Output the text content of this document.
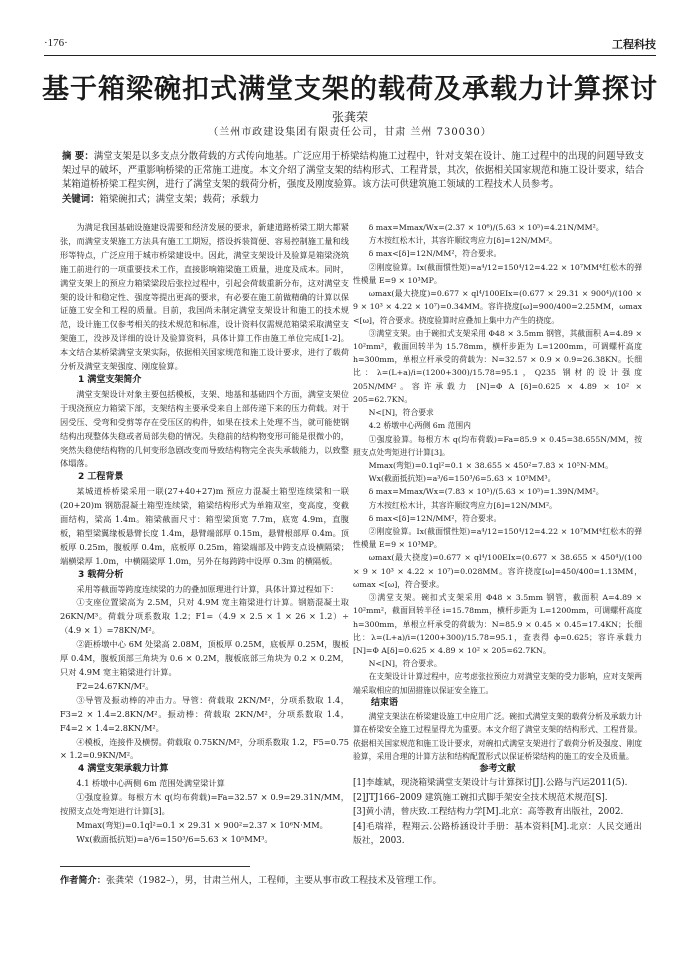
·176·	工程科技
基于箱梁碗扣式满堂支架的载荷及承载力计算探讨
张龚荣
（兰州市政建设集团有限责任公司，甘肃 兰州 730030）

摘 要：满堂支架是以多支点分散荷载的方式传向地基。广泛应用于桥梁结构施工过程中，针对支架在设计、施工过程中的出现的问题导致支架过早的破坏，严重影响桥梁的正常施工进度。本文介绍了满堂支架的结构形式、工程背景，其次，依据相关国家规范和施工设计要求，结合某箱道桥桥梁工程实例，进行了满堂支架的载荷分析，强度及刚度验算。该方法可供建筑施工领域的工程技术人员参考。

关键词：箱梁碗扣式；满堂支架；载荷；承载力

为满足我国基础设施建设需要和经济发展的要求，新建道路桥梁工期大都紧张，而满堂支架施工方法具有施工工期短，搭设拆装简便、容易控制施工量和线形等特点，广泛应用于城市桥梁建设中。因此，满堂支架设计及验算是箱梁浇筑施工前进行的一项重要技术工作，直接影响箱梁施工质量，进度及成本。同时，满堂支架上的预应力箱梁梁段后张拉过程中，引起会荷载重新分布，这对满堂支架的设计和稳定性、强度等提出更高的要求，有必要在施工前做精确的计算以保证施工安全和工程的质量。目前，我国尚未制定满堂支架设计和施工的技术规范，设计施工仅参考相关的技术规范和标准，设计资料仅需规范箱梁采取满堂支架施工，没涉及详细的设计及验算资料，具体计算工作由施工单位完成[1-2]。本文结合某桥梁满堂支架实际，依据相关国家规范和施工设计要求，进行了载荷分析及满堂支架强度、刚度验算。

1 满堂支架简介

满堂支架设计对象主要包括模板，支架、地基和基础四个方面，满堂支架位于现浇预应力箱梁下部，支架结构主要承受来自上部传递下来的压力荷载。对于因受压、受弯和受剪等存在受压区的构件，如果在技术上处理不当，就可能使钢结构出现整体失稳或者局部失稳的情况。失稳前的结构物变形可能是很微小的，突然失稳使结构物的几何变形急剧改变而导致结构物完全丧失承载能力，以致整体塌落。

2 工程背景

某城道桥桥梁采用一联(27+40+27)m 预应力混凝土箱型连续梁和一联(20+20)m 钢筋混凝土箱型连续梁，箱梁结构形式为单箱双室，变高度，变截面结构，梁高 1.4m。箱梁截面尺寸：箱型梁顶宽 7.7m，底宽 4.9m，直腹板，箱型梁翼缘板悬臂长度 1.4m，悬臂端部厚 0.15m，悬臂根部厚 0.4m。顶板厚 0.25m，腹板厚 0.4m，底板厚 0.25m，箱梁端部及中跨支点设横隔梁；端横梁厚 1.0m，中横隔梁厚 1.0m，另外在每跨跨中设厚 0.3m 的横隔板。

3 载荷分析

采用等截面等跨度连续梁的力的叠加原理进行计算，具体计算过程如下：

①支座位置梁高为 2.5M，只对 4.9M 宽主箱梁进行计算。钢筋混凝土取 26KN/M³。荷载分项系数取 1.2；F1=（4.9 × 2.5 × 1 × 26 × 1.2）÷（4.9 × 1）=78KN/M²。

②距桥墩中心 6M 处梁高 2.08M，顶板厚 0.25M，底板厚 0.25M，腹板厚 0.4M，腹板顶部三角块为 0.6 × 0.2M，腹板底部三角块为 0.2 × 0.2M，只对 4.9M 宽主箱梁进行计算。

F2=24.67KN/M²。

③导管及振动棒的冲击力。导管：荷载取 2KN/M²，分项系数取 1.4，F3=2 × 1.4=2.8KN/M²。振动棒：荷载取 2KN/M²，分项系数取 1.4，F4=2 × 1.4=2.8KN/M²。

④模板，连接件及横愣。荷载取 0.75KN/M²，分项系数取 1.2，F5=0.75 × 1.2=0.9KN/M²。

4 满堂支架承载力计算

4.1 桥墩中心两侧 6m 范围处满堂梁计算

①强度验算。每根方木 q(均布荷载)=Fa=32.57 × 0.9=29.31N/MM，按照支点处弯矩进行计算[3]。

Mmax(弯矩)=0.1ql²=0.1 × 29.31 × 900²=2.37 × 10⁶N·MM。

Wx(截面抵抗矩)=a³/6=150³/6=5.63 × 10⁵MM³。

δ max=Mmax/Wx=(2.37 × 10⁶)/(5.63 × 10⁵)=4.21N/MM²。

方木按红松木计，其容许顺纹弯应力[δ]=12N/MM²。

δ max<[δ]=12N/MM²，符合要求。

②刚度验算。Ix(截面惯性矩)=a⁴/12=150⁴/12=4.22 × 10⁷MM⁴红松木的弹性模量 E=9 × 10³MP。

ωmax(最大挠度)=0.677 × ql⁴/100EIx=(0.677 × 29.31 × 900⁴)/(100 × 9 × 10³ × 4.22 × 10⁷)=0.34MM。容许挠度[ω]=900/400=2.25MM，ωmax <[ω]，符合要求。挠度验算时应叠加上集中力产生的挠度。

③满堂支架。由于碗扣式支架采用 Φ48 × 3.5mm 钢管，其截面积 A=4.89 × 10²mm²，截面回转半为 15.78mm，横杆步距为 L=1200mm，可调螺杆高度 h=300mm，单根立杆承受的荷载为：N=32.57 × 0.9 × 0.9=26.38KN。长细比：λ=(L+a)/i=(1200+300)/15.78=95.1，Q235 钢材的设计强度 205N/MM²。容许承载力 [N]=Φ A [δ]=0.625 × 4.89 × 10² × 205=62.7KN。

N<[N]，符合要求

4.2 桥墩中心两侧 6m 范围内

①强度验算。每根方木 q(均布荷载)=Fa=85.9 × 0.45=38.655N/MM，按照支点处弯矩进行计算[3]。

Mmax(弯矩)=0.1ql²=0.1 × 38.655 × 450²=7.83 × 10⁵N·MM。

Wx(截面抵抗矩)=a³/6=150³/6=5.63 × 10⁵MM³。

δ max=Mmax/Wx=(7.83 × 10⁵)/(5.63 × 10⁵)=1.39N/MM²。

方木按红松木计，其容许顺纹弯应力[δ]=12N/MM²。

δ max<[δ]=12N/MM²，符合要求。

②刚度验算。Ix(截面惯性矩)=a⁴/12=150⁴/12=4.22 × 10⁷MM⁴红松木的弹性模量 E=9 × 10³MP。

ωmax(最大挠度)=0.677 × ql⁴/100EIx=(0.677 × 38.655 × 450⁴)/(100 × 9 × 10³ × 4.22 × 10⁷)=0.028MM。容许挠度[ω]=450/400=1.13MM，ωmax <[ω]，符合要求。

③满堂支架。碗扣式支架采用 Φ48 × 3.5mm 钢管，截面积 A=4.89 × 10²mm²，截面回转半径 i=15.78mm，横杆步距为 L=1200mm，可调螺杆高度 h=300mm，单根立杆承受的荷载为：N=85.9 × 0.45 × 0.45=17.4KN；长细比：λ=(L+a)/i=(1200+300)/15.78=95.1，查表得 ф=0.625；容许承载力[N]=Φ A[δ]=0.625 × 4.89 × 10² × 205=62.7KN。

N<[N]，符合要求。

在支架设计计算过程中，应考虑张拉预应力对满堂支架的受力影响，应对支架两端采取相应的加固措施以保证安全施工。

结束语

满堂支架法在桥梁建设施工中应用广泛。碗扣式满堂支架的载荷分析及承载力计算在桥梁安全施工过程显得尤为重要。本文介绍了满堂支架的结构形式、工程背景。依据相关国家规范和施工设计要求，对碗扣式满堂支架进行了载荷分析及强度、刚度验算，采用合理的计算方法和结构配置形式以保证桥梁结构的施工的安全及质量。

参考文献

[1]李雄斌，现浇箱梁满堂支架设计与计算探讨[J].公路与汽运2011(5).

[2]JTJ166–2009 建筑施工碗扣式脚手架安全技术规范术规范[S].

[3]黄小清，曾庆致.工程结构力学[M].北京：高等教育出版社，2002.

[4]毛瑞祥，程翔云.公路桥涵设计手册：基本资料[M].北京：人民交通出版社，2003.

作者简介：张龚荣（1982–），男，甘肃兰州人，工程师，主要从事市政工程技术及管理工作。
